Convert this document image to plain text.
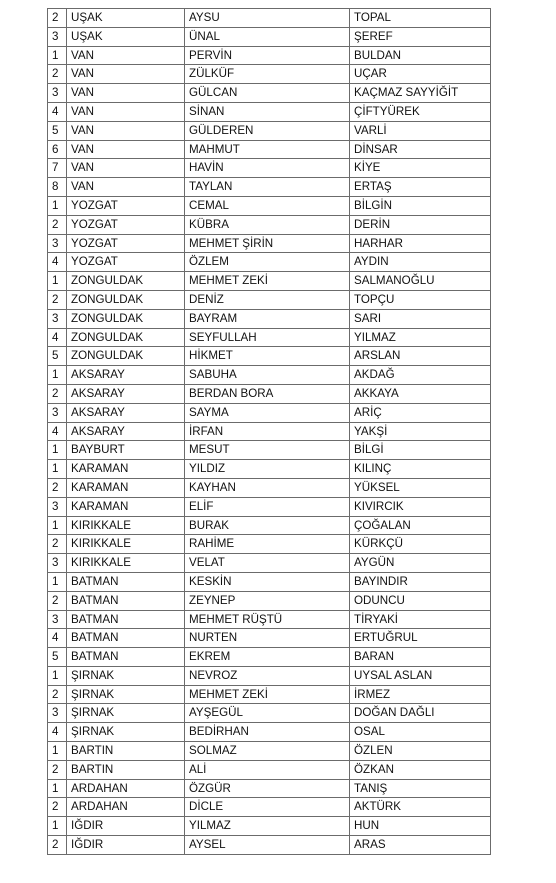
2	UŞAK	AYSU	TOPAL
3	UŞAK	ÜNAL	ŞEREF
1	VAN	PERVİN	BULDAN
2	VAN	ZÜLKÜF	UÇAR
3	VAN	GÜLCAN	KAÇMAZ SAYYİĞİT
4	VAN	SİNAN	ÇİFTYÜREK
5	VAN	GÜLDEREN	VARLİ
6	VAN	MAHMUT	DİNSAR
7	VAN	HAVİN	KİYE
8	VAN	TAYLAN	ERTAŞ
1	YOZGAT	CEMAL	BİLGİN
2	YOZGAT	KÜBRA	DERİN
3	YOZGAT	MEHMET ŞİRİN	HARHAR
4	YOZGAT	ÖZLEM	AYDIN
1	ZONGULDAK	MEHMET ZEKİ	SALMANOĞLU
2	ZONGULDAK	DENİZ	TOPÇU
3	ZONGULDAK	BAYRAM	SARI
4	ZONGULDAK	SEYFULLAH	YILMAZ
5	ZONGULDAK	HİKMET	ARSLAN
1	AKSARAY	SABUHA	AKDAĞ
2	AKSARAY	BERDAN BORA	AKKAYA
3	AKSARAY	SAYMA	ARİÇ
4	AKSARAY	İRFAN	YAKŞİ
1	BAYBURT	MESUT	BİLGİ
1	KARAMAN	YILDIZ	KILINÇ
2	KARAMAN	KAYHAN	YÜKSEL
3	KARAMAN	ELİF	KIVIRCIK
1	KIRIKKALE	BURAK	ÇOĞALAN
2	KIRIKKALE	RAHİME	KÜRKÇÜ
3	KIRIKKALE	VELAT	AYGÜN
1	BATMAN	KESKİN	BAYINDIR
2	BATMAN	ZEYNEP	ODUNCU
3	BATMAN	MEHMET RÜŞTÜ	TİRYAKİ
4	BATMAN	NURTEN	ERTUĞRUL
5	BATMAN	EKREM	BARAN
1	ŞIRNAK	NEVROZ	UYSAL ASLAN
2	ŞIRNAK	MEHMET ZEKİ	İRMEZ
3	ŞIRNAK	AYŞEGÜL	DOĞAN DAĞLI
4	ŞIRNAK	BEDİRHAN	OSAL
1	BARTIN	SOLMAZ	ÖZLEN
2	BARTIN	ALİ	ÖZKAN
1	ARDAHAN	ÖZGÜR	TANIŞ
2	ARDAHAN	DİCLE	AKTÜRK
1	IĞDIR	YILMAZ	HUN
2	IĞDIR	AYSEL	ARAS
